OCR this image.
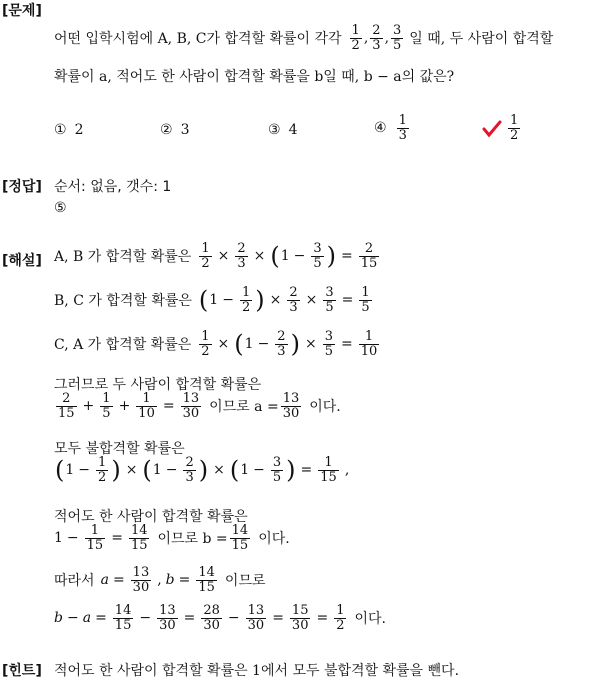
[문제]
[정답]
[해설]
[힌트]
어떤 입학시험에 A, B, C가 합격할 확률이 각각 $\frac{1}{2}$ , $\frac{2}{3}$ , $\frac{3}{5}$ 일 때, 두 사람이 합격할
확률이 a, 적어도 한 사람이 합격할 확률을 b일 때, b − a의 값은?
① 2	② 3	③ 4	④ $\frac{1}{3}$	$\frac{1}{2}$
순서: 없음, 갯수: 1
⑤
A, B 가 합격할 확률은 $\frac{1}{2} \times \frac{2}{3}$ × ( $1 - \frac{3}{5}$ ) = $\frac{2}{15}$
B, C 가 합격할 확률은 ( $1 - \frac{1}{2}$ ) × $\frac{2}{3} \times \frac{3}{5} = \frac{1}{5}$
C, A 가 합격할 확률은 $\frac{1}{2}$ × ( $1 - \frac{2}{3}$ ) × $\frac{3}{5} = \frac{1}{10}$
그러므로 두 사람이 합격할 확률은
$\frac{2}{15} + \frac{1}{5} + \frac{1}{10} = \frac{13}{30}$ 이므로 $a = \frac{13}{30}$ 이다.
모두 불합격할 확률은
( $1 - \frac{1}{2}$ ) × ( $1 - \frac{2}{3}$ ) × ( $1 - \frac{3}{5}$ ) = $\frac{1}{15}$ ,
적어도 한 사람이 합격할 확률은
$1 - \frac{1}{15} = \frac{14}{15}$ 이므로 $b = \frac{14}{15}$ 이다.
따라서 $a = \frac{13}{30}$ , $b = \frac{14}{15}$ 이므로
$b - a = \frac{14}{15} - \frac{13}{30} = \frac{28}{30} - \frac{13}{30} = \frac{15}{30} = \frac{1}{2}$ 이다.
적어도 한 사람이 합격할 확률은 1에서 모두 불합격할 확률을 뺀다.
